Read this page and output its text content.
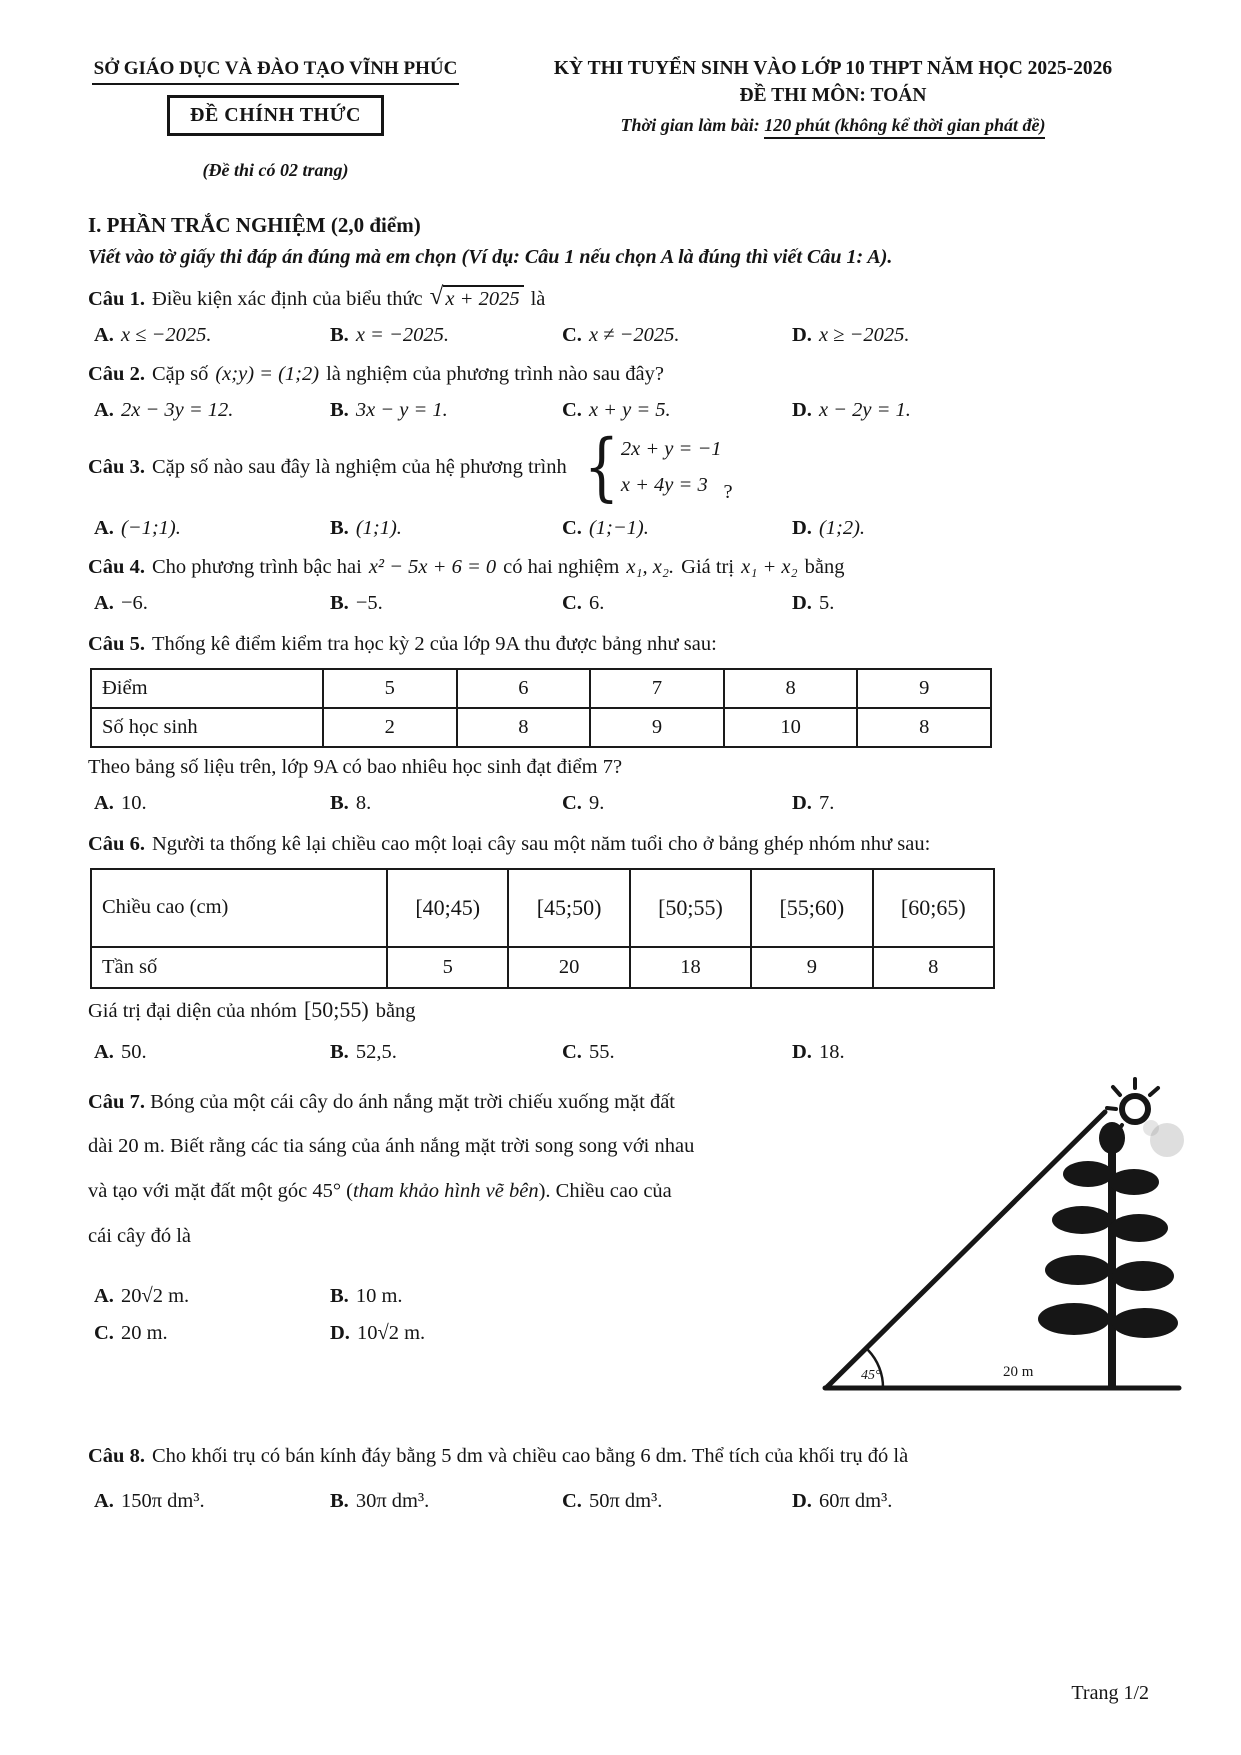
SỞ GIÁO DỤC VÀ ĐÀO TẠO VĨNH PHÚC
ĐỀ CHÍNH THỨC
(Đề thi có 02 trang)
KỲ THI TUYỂN SINH VÀO LỚP 10 THPT NĂM HỌC 2025-2026
ĐỀ THI MÔN: TOÁN
Thời gian làm bài: 120 phút (không kể thời gian phát đề)
I. PHẦN TRẮC NGHIỆM (2,0 điểm)
Viết vào tờ giấy thi đáp án đúng mà em chọn (Ví dụ: Câu 1 nếu chọn A là đúng thì viết Câu 1: A).
Câu 1. Điều kiện xác định của biểu thức √ x + 2025 là
A. x ≤ −2025.	B. x = −2025.	C. x ≠ −2025.	D. x ≥ −2025.
Câu 2. Cặp số (x;y) = (1;2) là nghiệm của phương trình nào sau đây?
A. 2x − 3y = 12.	B. 3x − y = 1.	C. x + y = 5.	D. x − 2y = 1.
Câu 3. Cặp số nào sau đây là nghiệm của hệ phương trình { 2x + y = −1
x + 4y = 3 ?
A. (−1;1).	B. (1;1).	C. (1;−1).	D. (1;2).
Câu 4. Cho phương trình bậc hai x² − 5x + 6 = 0 có hai nghiệm x₁, x₂. Giá trị x₁ + x₂ bằng
A. −6.	B. −5.	C. 6.	D. 5.
Câu 5. Thống kê điểm kiểm tra học kỳ 2 của lớp 9A thu được bảng như sau:
Điểm	5	6	7	8	9
Số học sinh	2	8	9	10	8
Theo bảng số liệu trên, lớp 9A có bao nhiêu học sinh đạt điểm 7?
A. 10.	B. 8.	C. 9.	D. 7.
Câu 6. Người ta thống kê lại chiều cao một loại cây sau một năm tuổi cho ở bảng ghép nhóm như sau:
Chiều cao (cm)	[40;45)	[45;50)	[50;55)	[55;60)	[60;65)
Tần số	5	20	18	9	8
Giá trị đại diện của nhóm [50;55) bằng
A. 50.	B. 52,5.	C. 55.	D. 18.
Câu 7. Bóng của một cái cây do ánh nắng mặt trời chiếu xuống mặt đất dài 20 m. Biết rằng các tia sáng của ánh nắng mặt trời song song với nhau và tạo với mặt đất một góc 45° (tham khảo hình vẽ bên). Chiều cao của cái cây đó là
A. 20√2 m.	B. 10 m.
C. 20 m.	D. 10√2 m.
45°	20 m
Câu 8. Cho khối trụ có bán kính đáy bằng 5 dm và chiều cao bằng 6 dm. Thể tích của khối trụ đó là
A. 150π dm³.	B. 30π dm³.	C. 50π dm³.	D. 60π dm³.
Trang 1/2
